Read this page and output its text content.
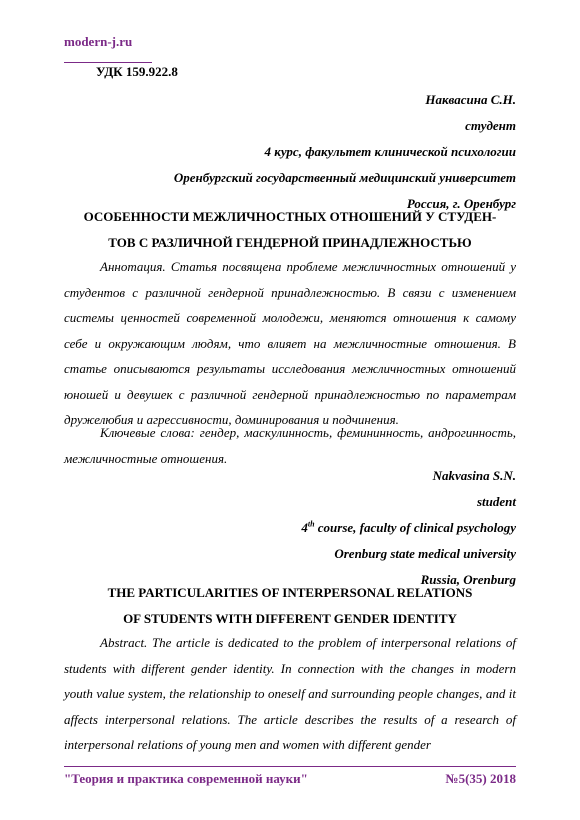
modern-j.ru
УДК 159.922.8
Наквасина С.Н.
студент
4 курс, факультет клинической психологии
Оренбургский государственный медицинский университет
Россия, г. Оренбург
ОСОБЕННОСТИ МЕЖЛИЧНОСТНЫХ ОТНОШЕНИЙ У СТУДЕН-
ТОВ С РАЗЛИЧНОЙ ГЕНДЕРНОЙ ПРИНАДЛЕЖНОСТЬЮ

Аннотация. Статья посвящена проблеме межличностных отношений у студентов с различной гендерной принадлежностью. В связи с изменением системы ценностей современной молодежи, меняются отношения к самому себе и окружающим людям, что влияет на межличностные отношения. В статье описываются результаты исследования межличностных отношений юношей и девушек с различной гендерной принадлежностью по параметрам дружелюбия и агрессивности, доминирования и подчинения.

Ключевые слова: гендер, маскулинность, фемининность, андрогинность, межличностные отношения.

Nakvasina S.N.
student
4th course, faculty of clinical psychology
Orenburg state medical university
Russia, Orenburg
THE PARTICULARITIES OF INTERPERSONAL RELATIONS
OF STUDENTS WITH DIFFERENT GENDER IDENTITY

Abstract. The article is dedicated to the problem of interpersonal relations of students with different gender identity. In connection with the changes in modern youth value system, the relationship to oneself and surrounding people changes, and it affects interpersonal relations. The article describes the results of a research of interpersonal relations of young men and women with different gender

"Теория и практика современной науки"	№5(35) 2018
